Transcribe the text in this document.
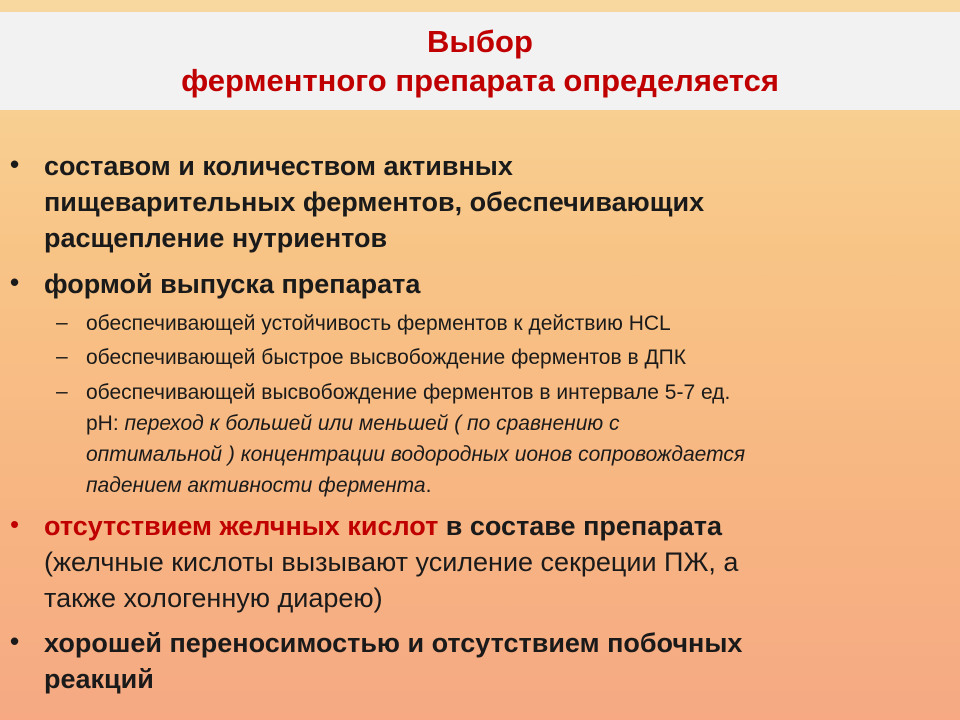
Выбор
ферментного препарата определяется
• составом и количеством активных
пищеварительных ферментов, обеспечивающих
расщепление нутриентов
• формой выпуска препарата
– обеспечивающей устойчивость ферментов к действию НCL
– обеспечивающей быстрое высвобождение ферментов в ДПК
– обеспечивающей высвобождение ферментов в интервале 5-7 ед.
рН: переход к большей или меньшей ( по сравнению с
оптимальной ) концентрации водородных ионов сопровождается
падением активности фермента.
• отсутствием желчных кислот в составе препарата
(желчные кислоты вызывают усиление секреции ПЖ, а
также хологенную диарею)
• хорошей переносимостью и отсутствием побочных
реакций
